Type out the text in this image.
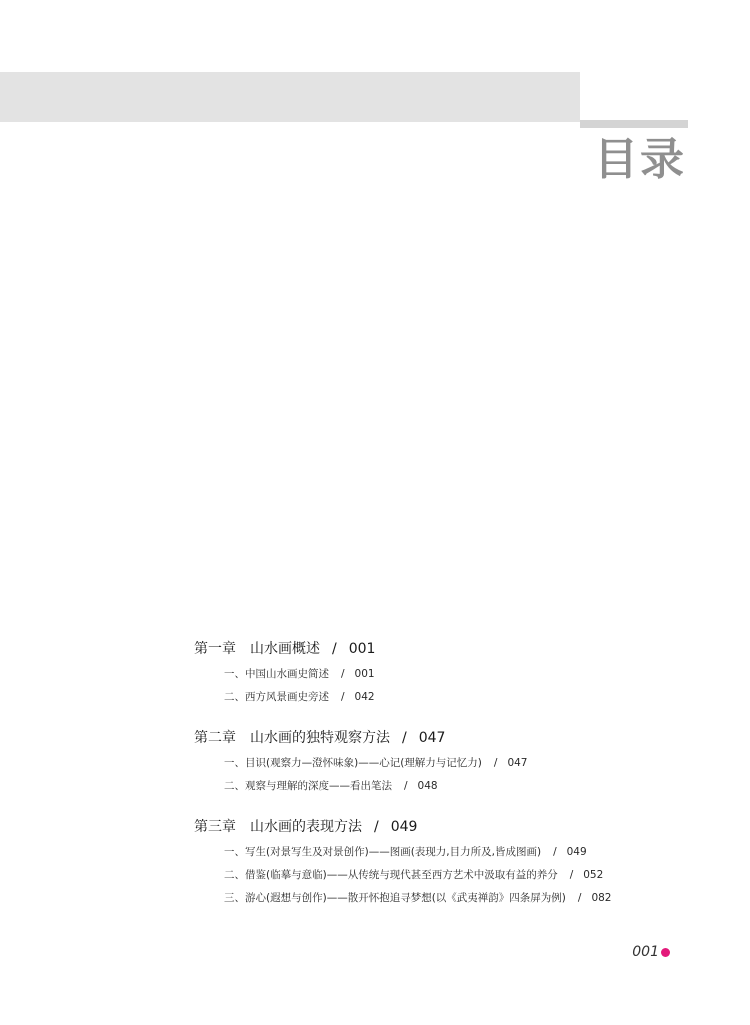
目录
第一章 山水画概述 / 001
一、中国山水画史简述 / 001
二、西方风景画史旁述 / 042
第二章 山水画的独特观察方法 / 047
一、目识(观察力—澄怀味象)——心记(理解力与记忆力) / 047
二、观察与理解的深度——看出笔法 / 048
第三章 山水画的表现方法 / 049
一、写生(对景写生及对景创作)——图画(表现力,目力所及,皆成图画) / 049
二、借鉴(临摹与意临)——从传统与现代甚至西方艺术中汲取有益的养分 / 052
三、游心(遐想与创作)——散开怀抱追寻梦想(以《武夷禅韵》四条屏为例) / 082
001
